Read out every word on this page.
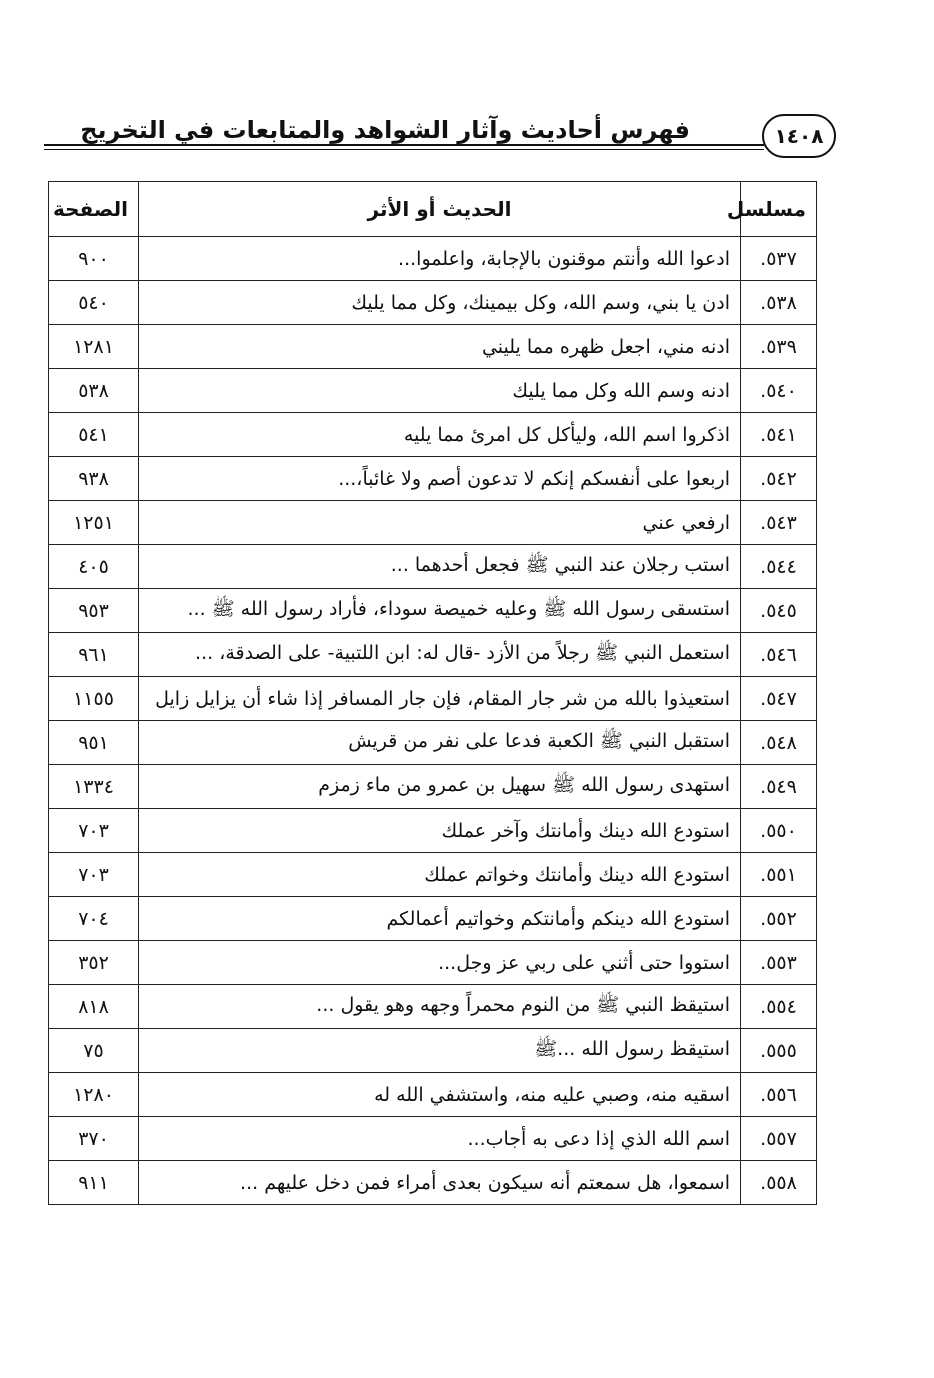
فهرس أحاديث وآثار الشواهد والمتابعات في التخريج	١٤٠٨
مسلسل	الحديث أو الأثر	الصفحة
٥٣٧.	ادعوا الله وأنتم موقنون بالإجابة، واعلموا...	٩٠٠
٥٣٨.	ادن يا بني، وسم الله، وكل بيمينك، وكل مما يليك	٥٤٠
٥٣٩.	ادنه مني، اجعل ظهره مما يليني	١٢٨١
٥٤٠.	ادنه وسم الله وكل مما يليك	٥٣٨
٥٤١.	اذكروا اسم الله، وليأكل كل امرئ مما يليه	٥٤١
٥٤٢.	اربعوا على أنفسكم إنكم لا تدعون أصم ولا غائباً،...	٩٣٨
٥٤٣.	ارفعي عني	١٢٥١
٥٤٤.	استب رجلان عند النبي ﷺ فجعل أحدهما ...	٤٠٥
٥٤٥.	استسقى رسول الله ﷺ وعليه خميصة سوداء، فأراد رسول الله ﷺ ...	٩٥٣
٥٤٦.	استعمل النبي ﷺ رجلاً من الأزد -قال له: ابن اللتبية- على الصدقة، ...	٩٦١
٥٤٧.	استعيذوا بالله من شر جار المقام، فإن جار المسافر إذا شاء أن يزايل زايل	١١٥٥
٥٤٨.	استقبل النبي ﷺ الكعبة فدعا على نفر من قريش	٩٥١
٥٤٩.	استهدى رسول الله ﷺ سهيل بن عمرو من ماء زمزم	١٣٣٤
٥٥٠.	استودع الله دينك وأمانتك وآخر عملك	٧٠٣
٥٥١.	استودع الله دينك وأمانتك وخواتم عملك	٧٠٣
٥٥٢.	استودع الله دينكم وأمانتكم وخواتيم أعمالكم	٧٠٤
٥٥٣.	استووا حتى أثني على ربي عز وجل...	٣٥٢
٥٥٤.	استيقظ النبي ﷺ من النوم محمراً وجهه وهو يقول ...	٨١٨
٥٥٥.	استيقظ رسول الله ...ﷺ	٧٥
٥٥٦.	اسقيه منه، وصبي عليه منه، واستشفي الله له	١٢٨٠
٥٥٧.	اسم الله الذي إذا دعى به أجاب...	٣٧٠
٥٥٨.	اسمعوا، هل سمعتم أنه سيكون بعدى أمراء فمن دخل عليهم ...	٩١١
